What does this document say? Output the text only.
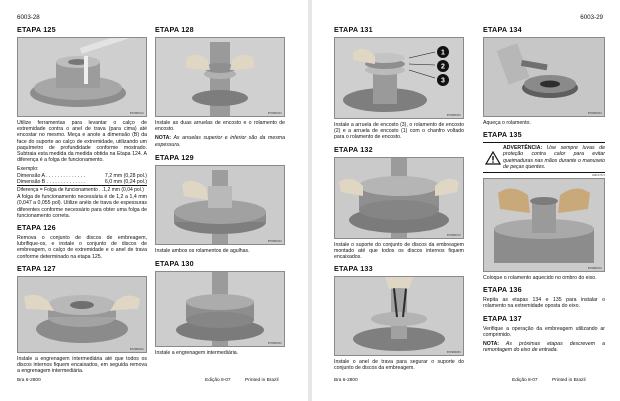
6003-28
ETAPA 125
BT09B001C

Utilize ferramentas para levantar o calço de extremidade contra o anel de trava (para cima) até encostar no mesmo. Meça e anote a dimensão (B) da face do suporte ao calço de extremidade, utilizando um paquímetro de profundidade conforme mostrado. Subtraia esta medida da medida obtida na Etapa 124. A diferença é a folga de funcionamento.

Exemplo:
Dimensão A . . . . . . . . . . . . . .	7,2 mm (0,28 pol.)
Dimensão B . . . . . . . . . . . . . .	6,0 mm (0,24 pol.)
Diferença = Folga de funcionamento . .1,2 mm (0,04 pol.)

A folga de funcionamento necessária é de 1,2 a 1,4 mm (0,047 a 0,055 pol). Utilize anéis de trava de espessuras diferentes conforme necessário para obter uma folga de funcionamento correta.

ETAPA 126

Remova o conjunto de discos de embreagem, lubrifique-os, e instale o conjunto de discos de embreagem, o calço de extremidade e o anel de trava conforme determinado na etapa 125.

ETAPA 127
BT09B002C

Instale a engrenagem intermediária até que todos os discos internos fiquem encaixados, em seguida remova a engrenagem intermediária.

ETAPA 128
BT09B003C

Instale as duas arruelas de encosto e o rolamento de encosto.

NOTA: As arruelas superior e inferior são da mesma espessura.

ETAPA 129
BT09B004C

Instale ambos os rolamentos de agulhas.

ETAPA 130
BT09B005C

Instale a engrenagem intermediária.

Bra 6-2800	Edição 8-07	Printed in Brazil
6003-29
ETAPA 131
1
2
3
BT09B006C

Instale a arruela de encosto (3), o rolamento de encosto (2) e a arruela de encosto (1) com o chanfro voltado para o rolamento de encosto.

ETAPA 132
BT09B007C

Instale o suporte do conjunto de discos da embreagem montado até que todos os discos internos fiquem encaixados.

ETAPA 133
BT09B008C

Instale o anel de trava para segurar o suporte do conjunto de discos da embreagem.

ETAPA 134
BT09B009C

Aqueça o rolamento.

ETAPA 135

ADVERTÊNCIA: Use sempre luvas de proteção contra calor para evitar queimaduras nas mãos durante o manuseio de peças quentes.

GMF17471
BT09B010C

Coloque o rolamento aquecido no ombro do eixo.

ETAPA 136

Repita as etapas 134 e 135 para instalar o rolamento na extremidade oposta do eixo.

ETAPA 137

Verifique a operação da embreagem utilizando ar comprimido.

NOTA: As próximas etapas descrevem a remontagem do eixo de entrada.

Bra 6-2800	Edição 8-07	Printed in Brazil
